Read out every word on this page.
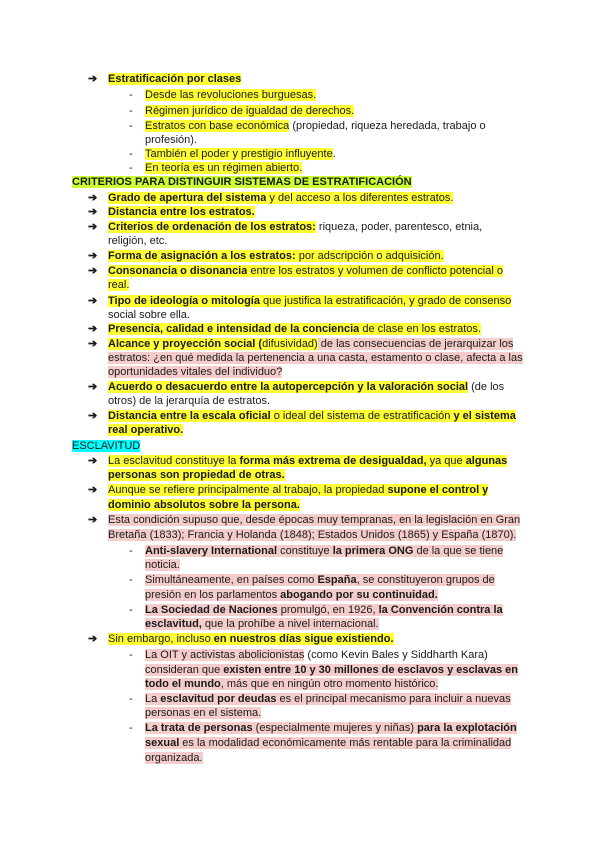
➔ Estratificación por clases
- Desde las revoluciones burguesas.
- Régimen jurídico de igualdad de derechos.
- Estratos con base económica (propiedad, riqueza heredada, trabajo o
profesión).
- También el poder y prestigio influyente.
- En teoría es un régimen abierto.
CRITERIOS PARA DISTINGUIR SISTEMAS DE ESTRATIFICACIÓN
➔ Grado de apertura del sistema y del acceso a los diferentes estratos.
➔ Distancia entre los estratos.
➔ Criterios de ordenación de los estratos: riqueza, poder, parentesco, etnia,
religión, etc.
➔ Forma de asignación a los estratos: por adscripción o adquisición.
➔ Consonancia o disonancia entre los estratos y volumen de conflicto potencial o
real.
➔ Tipo de ideología o mitología que justifica la estratificación, y grado de consenso
social sobre ella.
➔ Presencia, calidad e intensidad de la conciencia de clase en los estratos.
➔ Alcance y proyección social (difusividad) de las consecuencias de jerarquizar los
estratos: ¿en qué medida la pertenencia a una casta, estamento o clase, afecta a las
oportunidades vitales del individuo?
➔ Acuerdo o desacuerdo entre la autopercepción y la valoración social (de los
otros) de la jerarquía de estratos.
➔ Distancia entre la escala oficial o ideal del sistema de estratificación y el sistema
real operativo.
ESCLAVITUD
➔ La esclavitud constituye la forma más extrema de desigualdad, ya que algunas
personas son propiedad de otras.
➔ Aunque se refiere principalmente al trabajo, la propiedad supone el control y
dominio absolutos sobre la persona.
➔ Esta condición supuso que, desde épocas muy tempranas, en la legislación en Gran
Bretaña (1833); Francia y Holanda (1848); Estados Unidos (1865) y España (1870).
- Anti-slavery International constituye la primera ONG de la que se tiene
noticia.
- Simultáneamente, en países como España, se constituyeron grupos de
presión en los parlamentos abogando por su continuidad.
- La Sociedad de Naciones promulgó, en 1926, la Convención contra la
esclavitud, que la prohíbe a nivel internacional.
➔ Sin embargo, incluso en nuestros días sigue existiendo.
- La OIT y activistas abolicionistas (como Kevin Bales y Siddharth Kara)
consideran que existen entre 10 y 30 millones de esclavos y esclavas en
todo el mundo, más que en ningún otro momento histórico.
- La esclavitud por deudas es el principal mecanismo para incluir a nuevas
personas en el sistema.
- La trata de personas (especialmente mujeres y niñas) para la explotación
sexual es la modalidad económicamente más rentable para la criminalidad
organizada.
